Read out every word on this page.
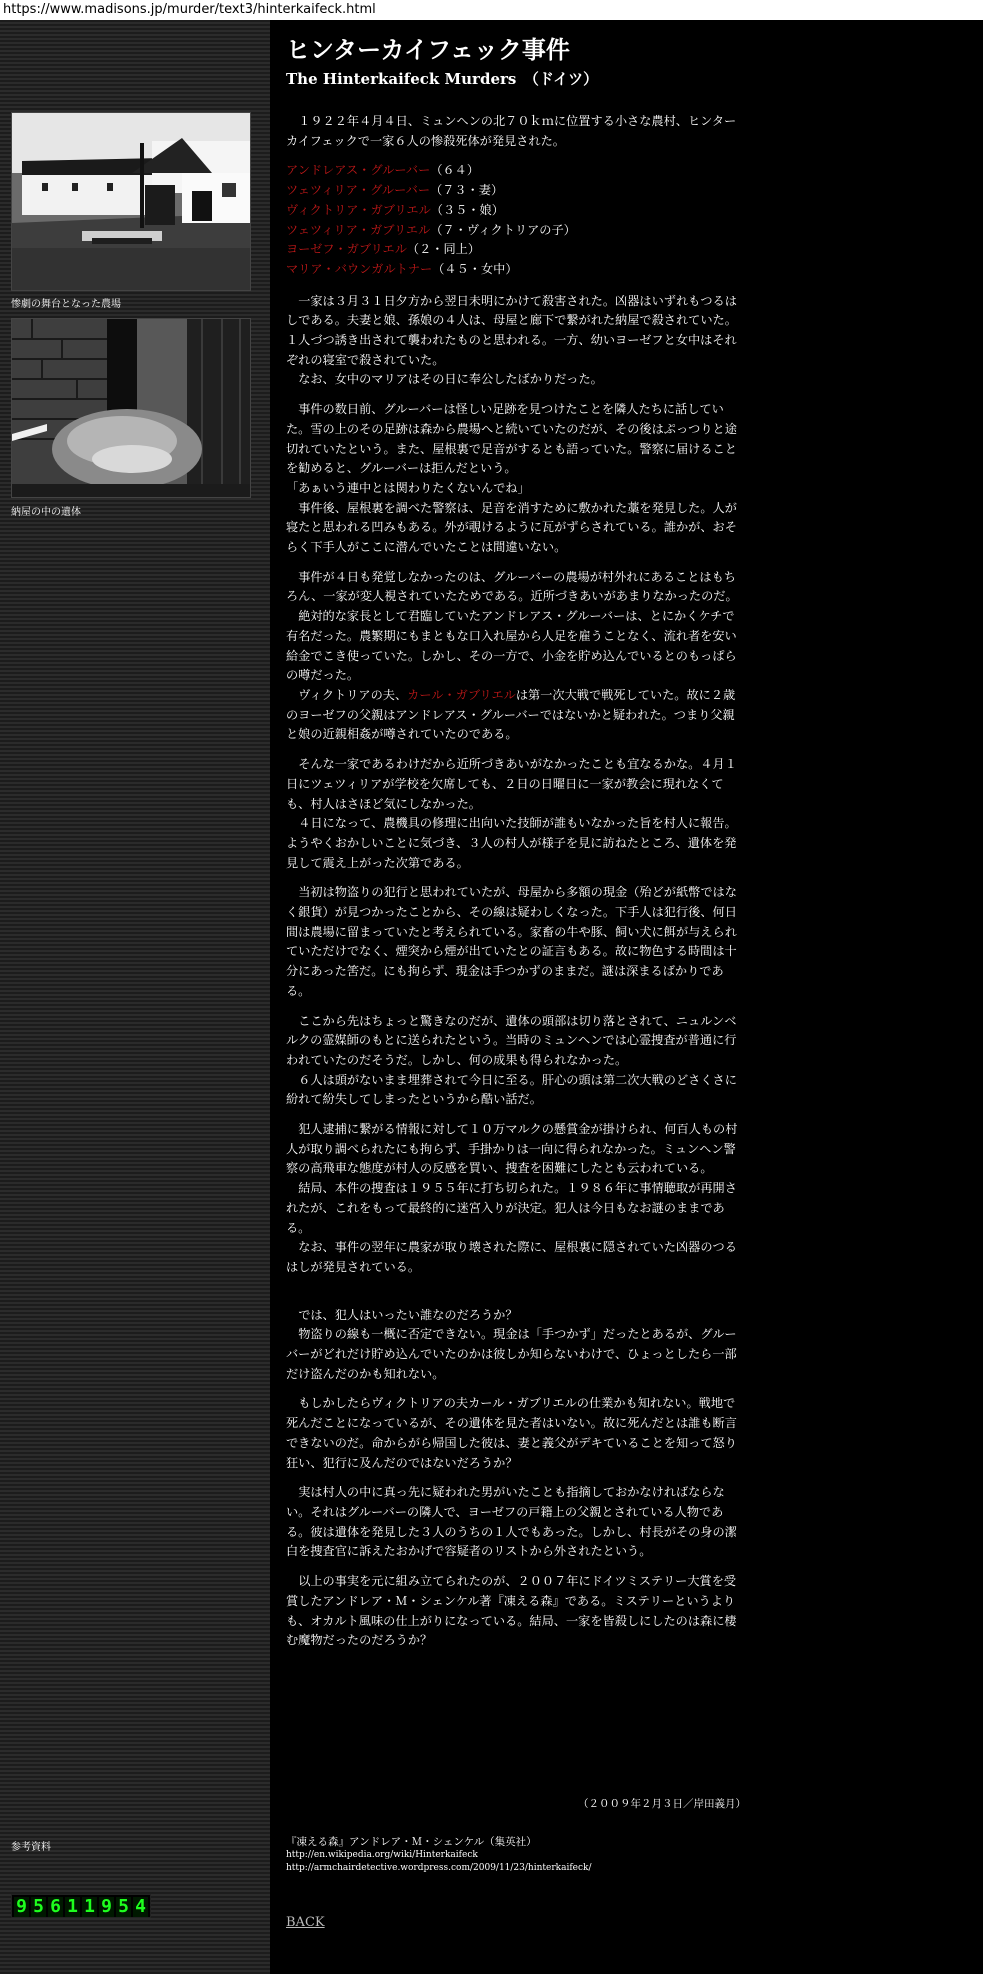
https://www.madisons.jp/murder/text3/hinterkaifeck.html
惨劇の舞台となった農場
納屋の中の遺体
参考資料
9 5 6 1 1 9 5 4
ヒンターカイフェック事件
The Hinterkaifeck Murders　（ドイツ）

１９２２年４月４日、ミュンヘンの北７０ｋｍに位置する小さな農村、ヒンターカイフェックで一家６人の惨殺死体が発見された。

アンドレアス・グルーバー（６４）
ツェツィリア・グルーバー（７３・妻）
ヴィクトリア・ガブリエル（３５・娘）
ツェツィリア・ガブリエル（７・ヴィクトリアの子）
ヨーゼフ・ガブリエル（２・同上）
マリア・バウンガルトナー（４５・女中）

一家は３月３１日夕方から翌日未明にかけて殺害された。凶器はいずれもつるはしである。夫妻と娘、孫娘の４人は、母屋と廊下で繋がれた納屋で殺されていた。１人づつ誘き出されて襲われたものと思われる。一方、幼いヨーゼフと女中はそれぞれの寝室で殺されていた。
なお、女中のマリアはその日に奉公したばかりだった。

事件の数日前、グルーバーは怪しい足跡を見つけたことを隣人たちに話していた。雪の上のその足跡は森から農場へと続いていたのだが、その後はぷっつりと途切れていたという。また、屋根裏で足音がするとも語っていた。警察に届けることを勧めると、グルーバーは拒んだという。
「あぁいう連中とは関わりたくないんでね」
事件後、屋根裏を調べた警察は、足音を消すために敷かれた藁を発見した。人が寝たと思われる凹みもある。外が覗けるように瓦がずらされている。誰かが、おそらく下手人がここに潜んでいたことは間違いない。

事件が４日も発覚しなかったのは、グルーバーの農場が村外れにあることはもちろん、一家が変人視されていたためである。近所づきあいがあまりなかったのだ。
絶対的な家長として君臨していたアンドレアス・グルーバーは、とにかくケチで有名だった。農繁期にもまともな口入れ屋から人足を雇うことなく、流れ者を安い給金でこき使っていた。しかし、その一方で、小金を貯め込んでいるとのもっぱらの噂だった。
ヴィクトリアの夫、カール・ガブリエルは第一次大戦で戦死していた。故に２歳のヨーゼフの父親はアンドレアス・グルーバーではないかと疑われた。つまり父親と娘の近親相姦が噂されていたのである。

そんな一家であるわけだから近所づきあいがなかったことも宜なるかな。４月１日にツェツィリアが学校を欠席しても、２日の日曜日に一家が教会に現れなくても、村人はさほど気にしなかった。
４日になって、農機具の修理に出向いた技師が誰もいなかった旨を村人に報告。ようやくおかしいことに気づき、３人の村人が様子を見に訪ねたところ、遺体を発見して震え上がった次第である。

当初は物盗りの犯行と思われていたが、母屋から多額の現金（殆どが紙幣ではなく銀貨）が見つかったことから、その線は疑わしくなった。下手人は犯行後、何日間は農場に留まっていたと考えられている。家畜の牛や豚、飼い犬に餌が与えられていただけでなく、煙突から煙が出ていたとの証言もある。故に物色する時間は十分にあった筈だ。にも拘らず、現金は手つかずのままだ。謎は深まるばかりである。

ここから先はちょっと驚きなのだが、遺体の頭部は切り落とされて、ニュルンベルクの霊媒師のもとに送られたという。当時のミュンヘンでは心霊捜査が普通に行われていたのだそうだ。しかし、何の成果も得られなかった。
６人は頭がないまま埋葬されて今日に至る。肝心の頭は第二次大戦のどさくさに紛れて紛失してしまったというから酷い話だ。

犯人逮捕に繋がる情報に対して１０万マルクの懸賞金が掛けられ、何百人もの村人が取り調べられたにも拘らず、手掛かりは一向に得られなかった。ミュンヘン警察の高飛車な態度が村人の反感を買い、捜査を困難にしたとも云われている。
結局、本件の捜査は１９５５年に打ち切られた。１９８６年に事情聴取が再開されたが、これをもって最終的に迷宮入りが決定。犯人は今日もなお謎のままである。
なお、事件の翌年に農家が取り壊された際に、屋根裏に隠されていた凶器のつるはしが発見されている。

では、犯人はいったい誰なのだろうか？
物盗りの線も一概に否定できない。現金は「手つかず」だったとあるが、グルーバーがどれだけ貯め込んでいたのかは彼しか知らないわけで、ひょっとしたら一部だけ盗んだのかも知れない。

もしかしたらヴィクトリアの夫カール・ガブリエルの仕業かも知れない。戦地で死んだことになっているが、その遺体を見た者はいない。故に死んだとは誰も断言できないのだ。命からがら帰国した彼は、妻と義父がデキていることを知って怒り狂い、犯行に及んだのではないだろうか？

実は村人の中に真っ先に疑われた男がいたことも指摘しておかなければならない。それはグルーバーの隣人で、ヨーゼフの戸籍上の父親とされている人物である。彼は遺体を発見した３人のうちの１人でもあった。しかし、村長がその身の潔白を捜査官に訴えたおかげで容疑者のリストから外されたという。

以上の事実を元に組み立てられたのが、２００７年にドイツミステリー大賞を受賞したアンドレア・Ｍ・シェンケル著『凍える森』である。ミステリーというよりも、オカルト風味の仕上がりになっている。結局、一家を皆殺しにしたのは森に棲む魔物だったのだろうか？

（２００９年２月３日／岸田義月）
『凍える森』アンドレア・Ｍ・シェンケル（集英社）
http://en.wikipedia.org/wiki/Hinterkaifeck
http://armchairdetective.wordpress.com/2009/11/23/hinterkaifeck/
BACK
